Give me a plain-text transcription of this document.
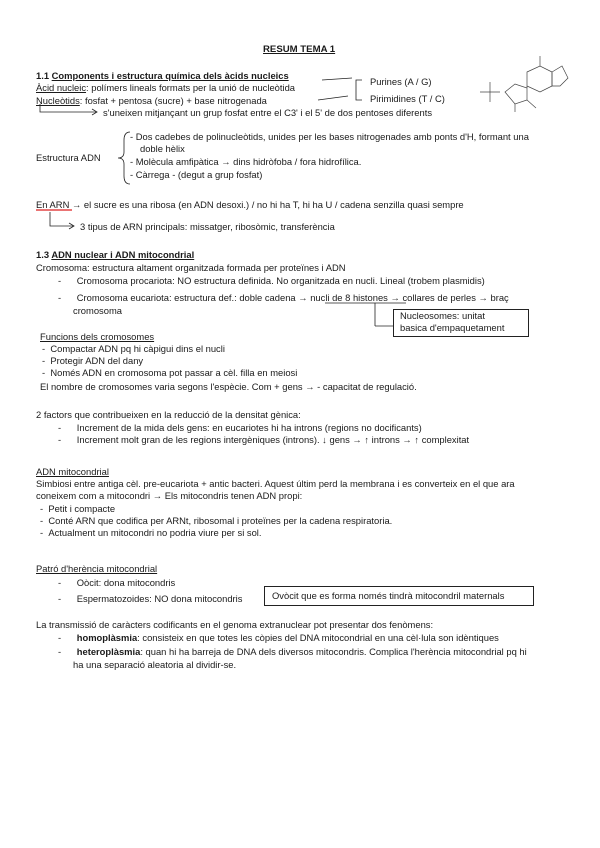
RESUM TEMA 1
1.1 Components i estructura química dels àcids nucleics
Àcid nucleic: polímers lineals formats per la unió de nucleòtida
Nucleòtids: fosfat + pentosa (sucre) + base nitrogenada
Purines (A / G)
Pirimidines (T / C)
s'uneixen mitjançant un grup fosfat entre el C3' i el 5' de dos pentoses diferents
Estructura ADN
- Dos cadebes de polinucleòtids, unides per les bases nitrogenades amb ponts d'H, formant una
doble hèlix
- Molècula amfipàtica → dins hidròfoba / fora hidrofílica.
- Càrrega - (degut a grup fosfat)
En ARN → el sucre es una ribosa (en ADN desoxi.) / no hi ha T, hi ha U / cadena senzilla quasi sempre
3 tipus de ARN principals: missatger, ribosòmic, transferència
1.3 ADN nuclear i ADN mitocondrial
Cromosoma: estructura altament organitzada formada per proteïnes i ADN
-      Cromosoma procariota: NO estructura definida. No organitzada en nucli. Lineal (trobem plasmidis)
-      Cromosoma eucariota: estructura def.: doble cadena → nucli de 8 histones → collares de perles → braç
cromosoma	Nucleosomes: unitat
basica d'empaquetament
Funcions dels cromosomes
-  Compactar ADN pq hi càpigui dins el nucli
-  Protegir ADN del dany
-  Només ADN en cromosoma pot passar a cèl. filla en meiosi
El nombre de cromosomes varia segons l'espècie. Com + gens → - capacitat de regulació.
2 factors que contribueixen en la reducció de la densitat gènica:
-      Increment de la mida dels gens: en eucariotes hi ha introns (regions no docificants)
-      Increment molt gran de les regions intergèniques (introns). ↓ gens → ↑ introns → ↑ complexitat
ADN mitocondrial
Simbiosi entre antiga cèl. pre-eucariota + antic bacteri. Aquest últim perd la membrana i es converteix en el que ara
coneixem com a mitocondri → Els mitocondris tenen ADN propi:
-  Petit i compacte
-  Conté ARN que codifica per ARNt, ribosomal i proteïnes per la cadena respiratoria.
-  Actualment un mitocondri no podria viure per si sol.
Patró d'herència mitocondrial
-      Oòcit: dona mitocondris
-      Espermatozoides: NO dona mitocondris	Ovòcit que es forma només tindrà mitocondril maternals
La transmissió de caràcters codificants en el genoma extranuclear pot presentar dos fenòmens:
-      homoplàsmia: consisteix en que totes les còpies del DNA mitocondrial en una cèl·lula son idèntiques
-      heteroplàsmia: quan hi ha barreja de DNA dels diversos mitocondris. Complica l'herència mitocondrial pq hi
ha una separació aleatoria al dividir-se.
